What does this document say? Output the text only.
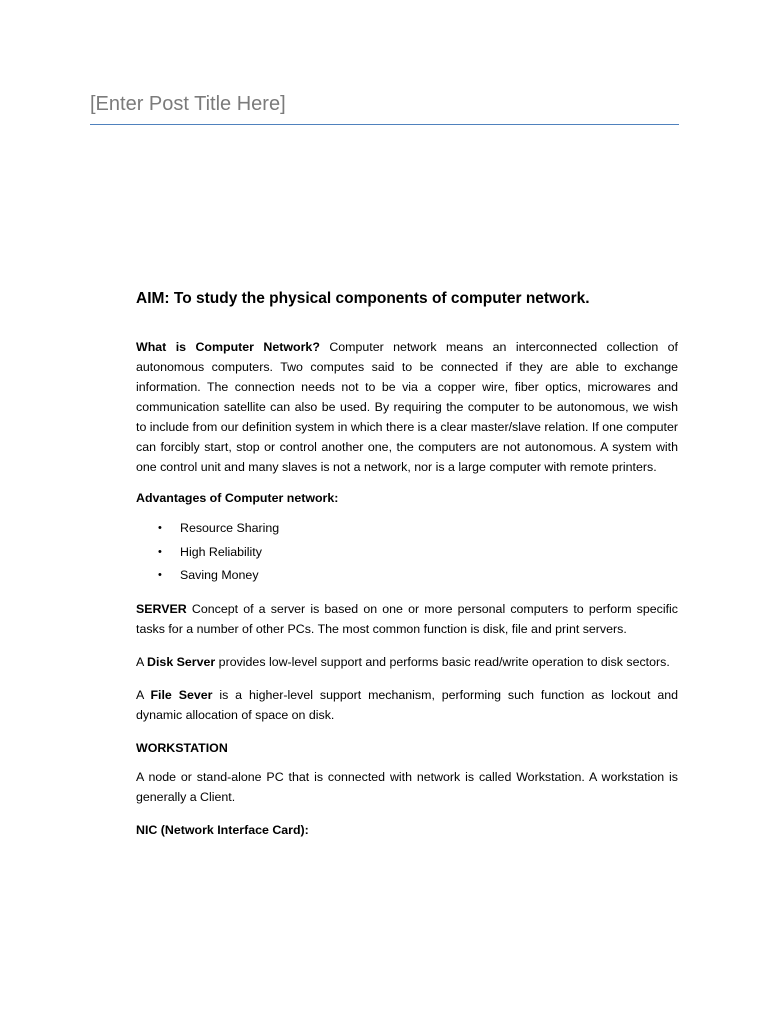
[Enter Post Title Here]
AIM: To study the physical components of computer network.

What is Computer Network? Computer network means an interconnected collection of autonomous computers. Two computes said to be connected if they are able to exchange information. The connection needs not to be via a copper wire, fiber optics, microwares and communication satellite can also be used. By requiring the computer to be autonomous, we wish to include from our definition system in which there is a clear master/slave relation. If one computer can forcibly start, stop or control another one, the computers are not autonomous. A system with one control unit and many slaves is not a network, nor is a large computer with remote printers.

Advantages of Computer network:
• Resource Sharing
• High Reliability
• Saving Money

SERVER Concept of a server is based on one or more personal computers to perform specific tasks for a number of other PCs. The most common function is disk, file and print servers.

A Disk Server provides low-level support and performs basic read/write operation to disk sectors.

A File Sever is a higher-level support mechanism, performing such function as lockout and dynamic allocation of space on disk.

WORKSTATION

A node or stand-alone PC that is connected with network is called Workstation. A workstation is generally a Client.

NIC (Network Interface Card):
